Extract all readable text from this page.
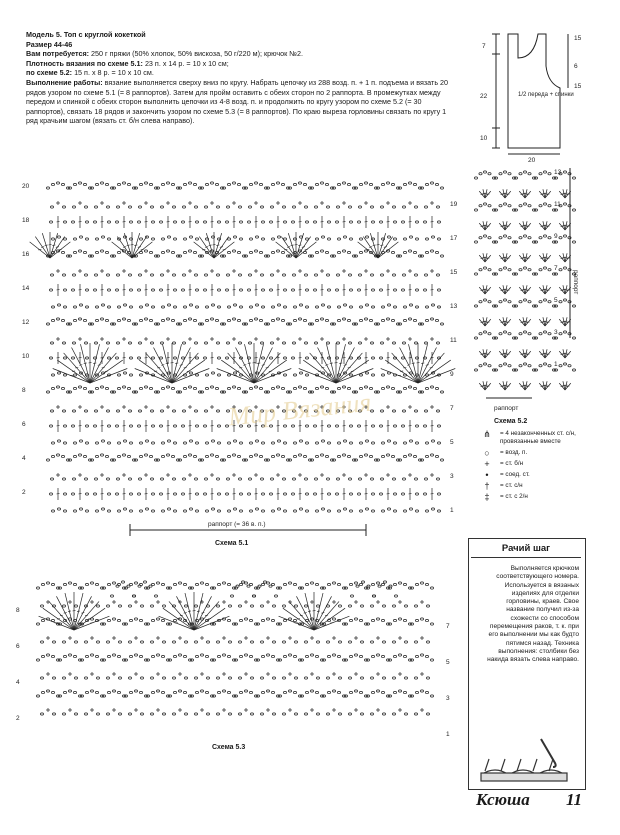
Модель 5. Топ с круглой кокеткой
Размер 44-46
Вам потребуется: 250 г пряжи (50% хлопок, 50% вискоза, 50 г/220 м); крючок №2.
Плотность вязания по схеме 5.1: 23 п. х 14 р. = 10 х 10 см;
по схеме 5.2: 15 п. х 8 р. = 10 х 10 см.
Выполнение работы: вязание выполняется сверху вниз по кругу. Набрать цепочку из 288 возд. п. + 1 п. подъема и вязать 20 рядов узором по схеме 5.1 (= 8 раппортов). Затем для пройм оставить с обеих сторон по 2 раппорта. В промежутках между передом и спинкой с обеих сторон выполнить цепочки из 4-8 возд. п. и продолжить по кругу узором по схеме 5.2 (= 30 раппортов), связать 18 рядов и закончить узором по схеме 5.3 (= 8 раппортов). По краю выреза горловины связать по кругу 1 ряд крачьим шагом (вязать ст. б/н слева направо).
7
15
6
22
10
20
15
1/2 переда + спинки
раппорт (= 36 в. п.)
20
18
16
14
12
10
8
6
4
2
19
17
15
13
11
9
7
5
3
1
Схема 5.1
раппорт
раппорт
13
11
9
7
5
3
1
Схема 5.2
⋔	= 4 незаконченных ст. с/н, провязанные вместе
○	= возд. п.
+	= ст. б/н
•	= соед. ст.
†	= ст. с/н
‡	= ст. с 2/н
8
6
4
2
7
5
3
1
Схема 5.3
Рачий шаг
Выполняется крючком соответствующего номера. Используется в вязаных изделиях для отделки горловины, краев. Свое название получил из-за схожести со способом перемещения раков, т. к. при его выполнении мы как будто пятимся назад. Техника выполнения: столбики без накида вязать слева направо.
Мир Вязания
Ксюша 11
